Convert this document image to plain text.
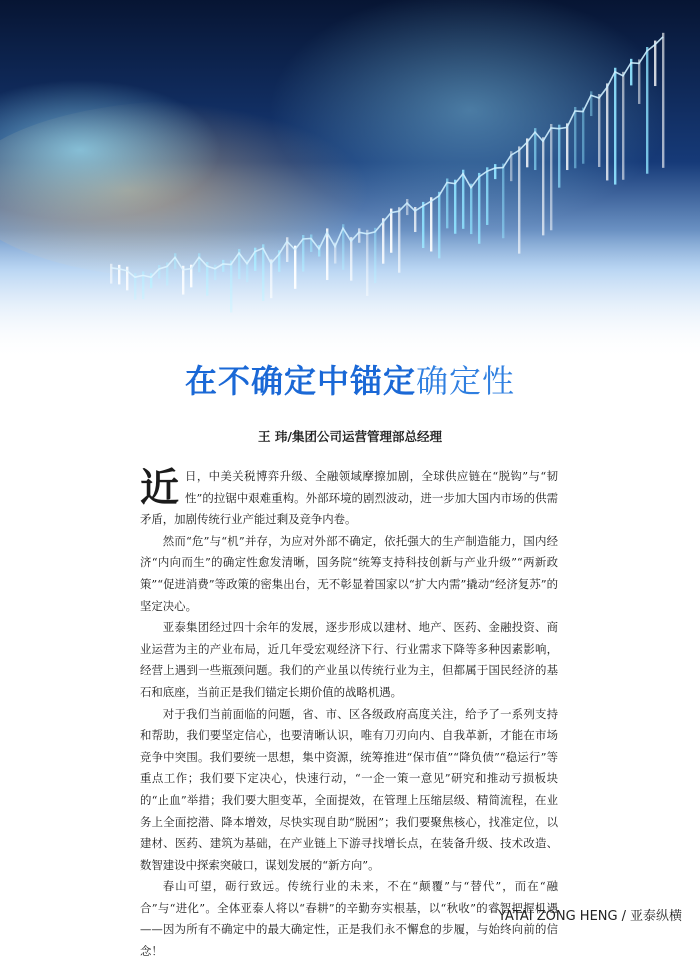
在不确定中锚定确定性
王 玮/集团公司运营管理部总经理

近日，中美关税博弈升级、全融领域摩擦加剧，全球供应链在“脱钩”与“韧性”的拉锯中艰难重构。外部环境的剧烈波动，进一步加大国内市场的供需矛盾，加剧传统行业产能过剩及竞争内卷。

然而“危”与“机”并存，为应对外部不确定，依托强大的生产制造能力，国内经济“内向而生”的确定性愈发清晰，国务院“统筹支持科技创新与产业升级”“两新政策”“促进消费”等政策的密集出台，无不彰显着国家以“扩大内需”撬动“经济复苏”的坚定决心。

亚泰集团经过四十余年的发展，逐步形成以建材、地产、医药、金融投资、商业运营为主的产业布局，近几年受宏观经济下行、行业需求下降等多种因素影响，经营上遇到一些瓶颈问题。我们的产业虽以传统行业为主，但都属于国民经济的基石和底座，当前正是我们锚定长期价值的战略机遇。

对于我们当前面临的问题，省、市、区各级政府高度关注，给予了一系列支持和帮助，我们要坚定信心，也要清晰认识，唯有刀刃向内、自我革新，才能在市场竞争中突围。我们要统一思想，集中资源，统筹推进“保市值”“降负债”“稳运行”等重点工作；我们要下定决心，快速行动，“一企一策一意见”研究和推动亏损板块的“止血”举措；我们要大胆变革，全面提效，在管理上压缩层级、精简流程，在业务上全面挖潜、降本增效，尽快实现自助“脱困”；我们要聚焦核心，找准定位，以建材、医药、建筑为基础，在产业链上下游寻找增长点，在装备升级、技术改造、数智建设中探索突破口，谋划发展的“新方向”。

春山可望，砺行致远。传统行业的未来，不在“颠覆”与“替代”，而在“融合”与“进化”。全体亚泰人将以“春耕”的辛勤夯实根基，以“秋收”的睿智把握机遇——因为所有不确定中的最大确定性，正是我们永不懈怠的步履，与始终向前的信念！

YATAI ZONG HENG / 亚泰纵横
